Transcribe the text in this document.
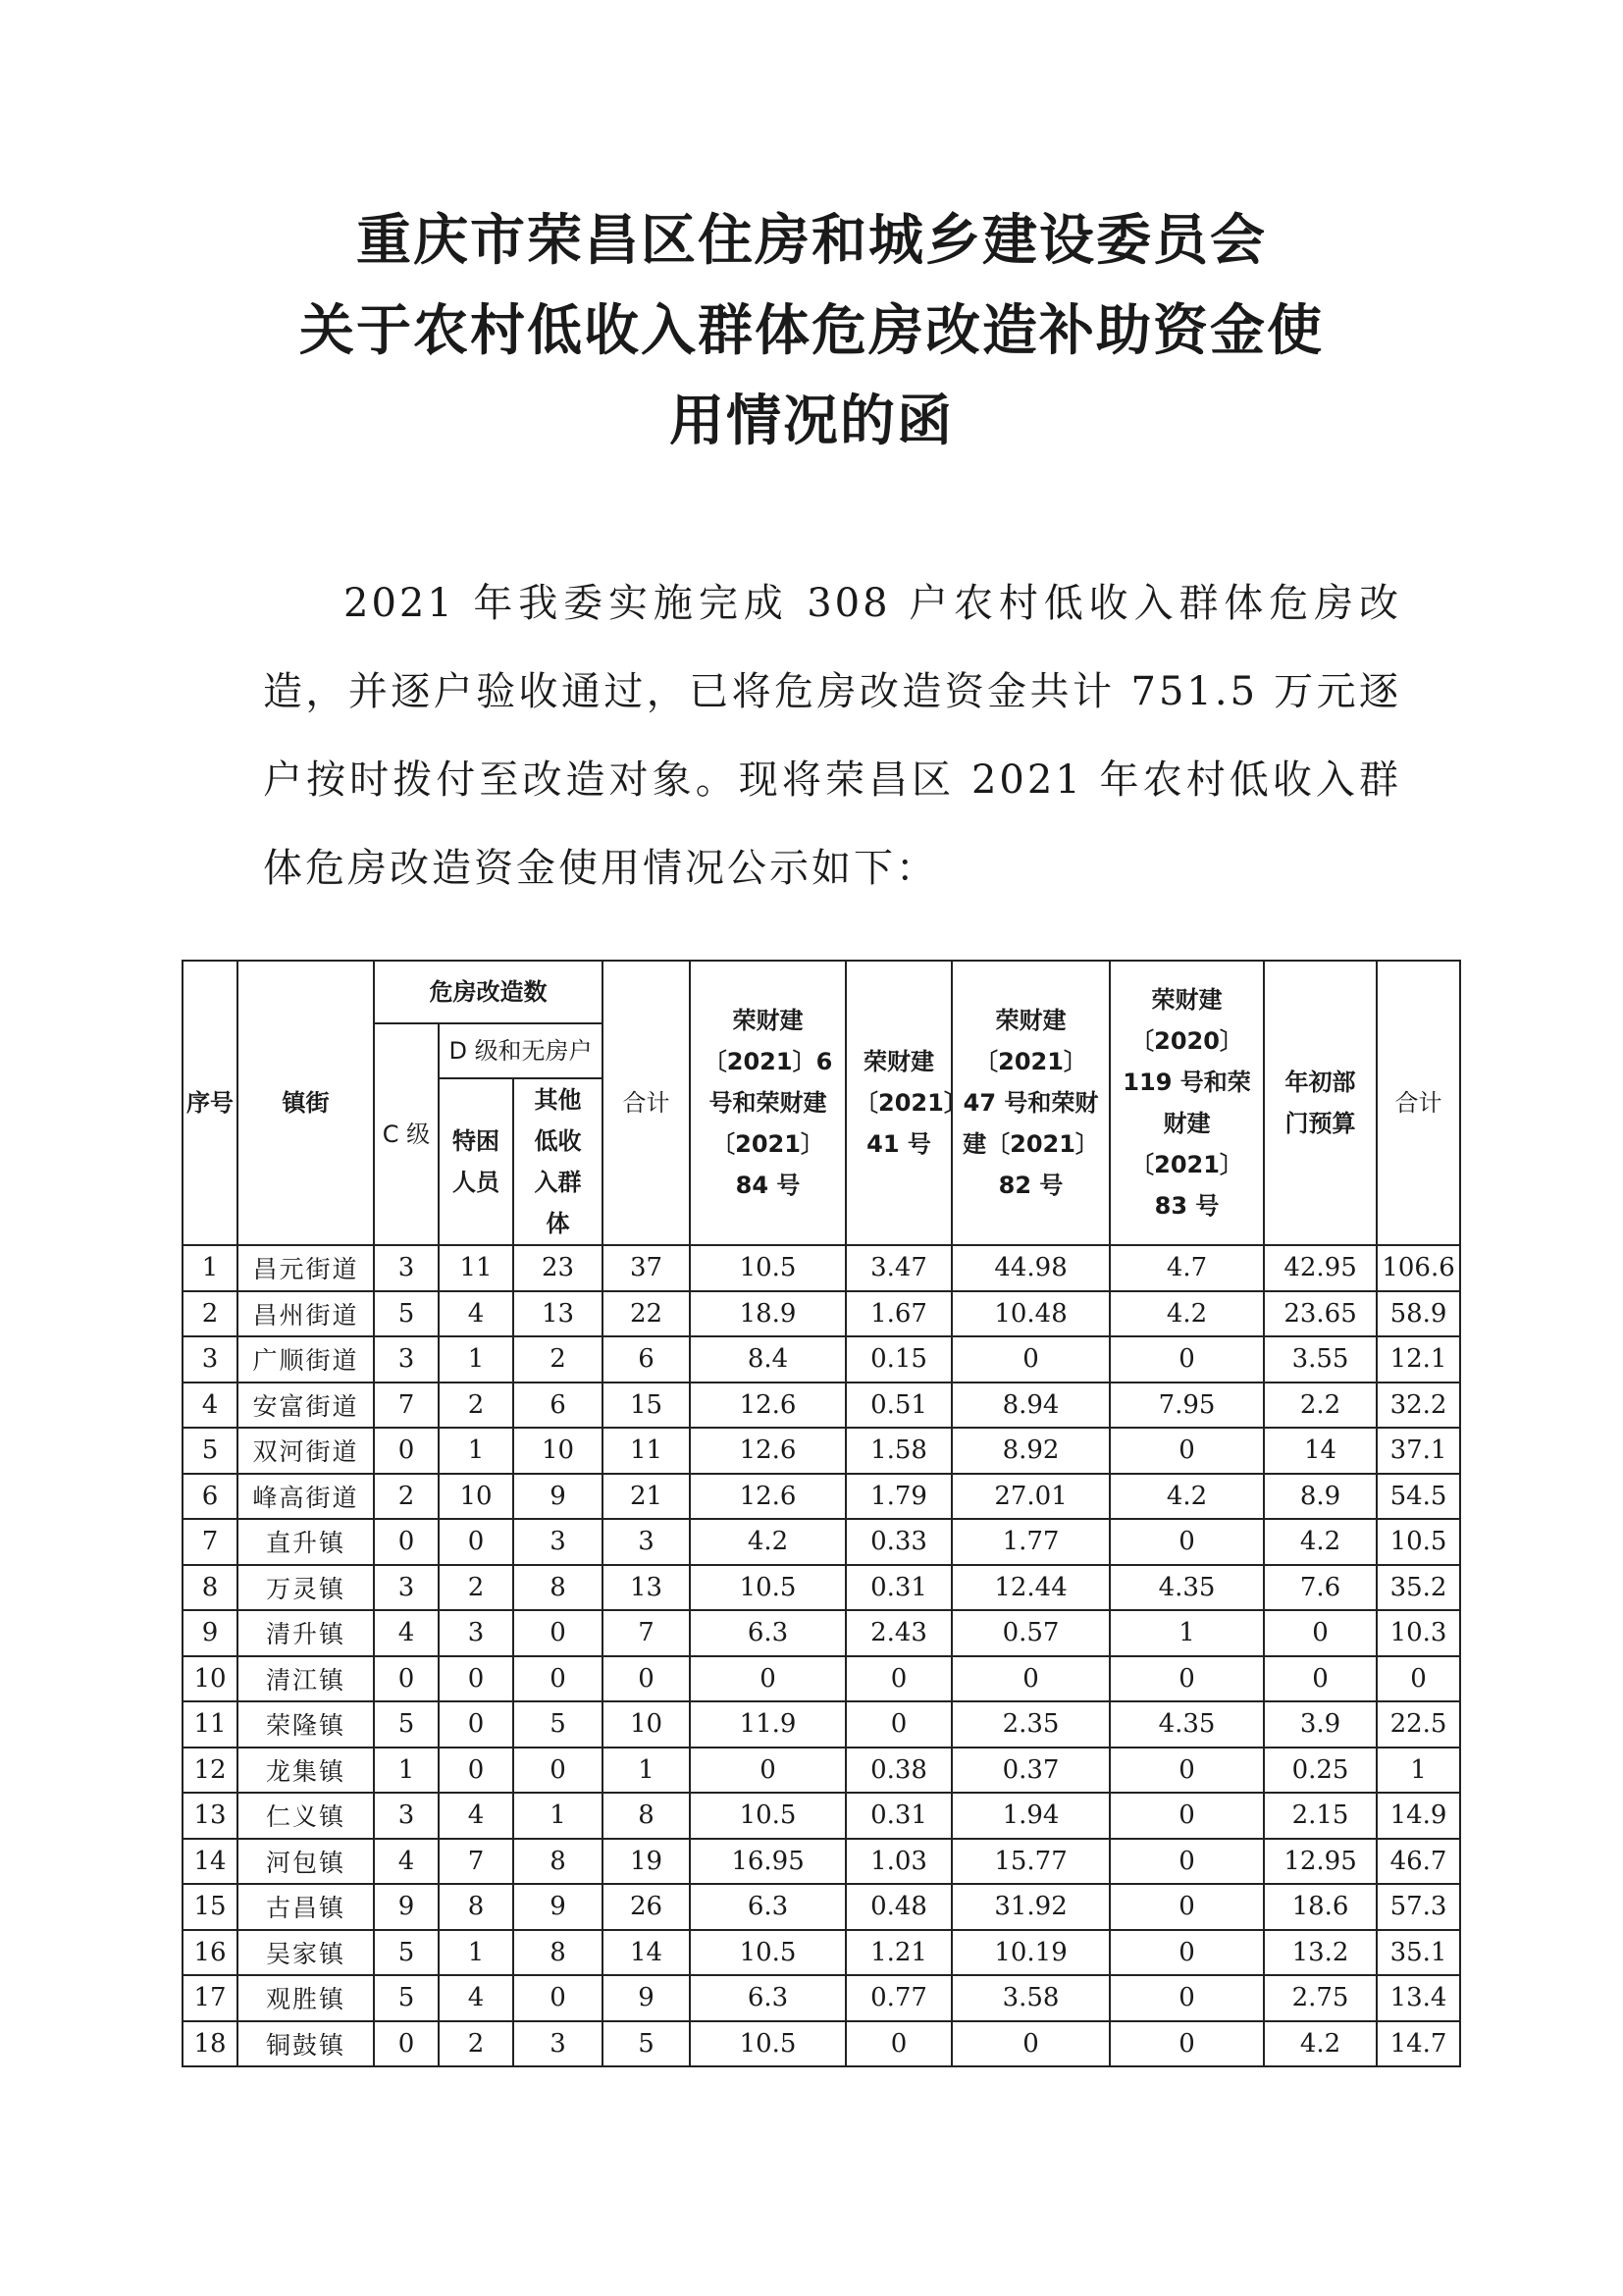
重庆市荣昌区住房和城乡建设委员会
关于农村低收入群体危房改造补助资金使
用情况的函

2021 年我委实施完成 308 户农村低收入群体危房改造，并逐户验收通过，已将危房改造资金共计 751.5 万元逐户按时拨付至改造对象。现将荣昌区 2021 年农村低收入群体危房改造资金使用情况公示如下：

序号	镇街	危房改造数			合计	荣财建〔2021〕6 号和荣财建〔2021〕84 号	荣财建〔2021〕41 号	荣财建〔2021〕47 号和荣财建〔2021〕82 号	荣财建〔2020〕119 号和荣财建〔2021〕83 号	年初部门预算	合计
		C 级	D 级和无房户								
			特困人员	其他低收入群体							

1	昌元街道	3	11	23	37	10.5	3.47	44.98	4.7	42.95	106.6
2	昌州街道	5	4	13	22	18.9	1.67	10.48	4.2	23.65	58.9
3	广顺街道	3	1	2	6	8.4	0.15	0	0	3.55	12.1
4	安富街道	7	2	6	15	12.6	0.51	8.94	7.95	2.2	32.2
5	双河街道	0	1	10	11	12.6	1.58	8.92	0	14	37.1
6	峰高街道	2	10	9	21	12.6	1.79	27.01	4.2	8.9	54.5
7	直升镇	0	0	3	3	4.2	0.33	1.77	0	4.2	10.5
8	万灵镇	3	2	8	13	10.5	0.31	12.44	4.35	7.6	35.2
9	清升镇	4	3	0	7	6.3	2.43	0.57	1	0	10.3
10	清江镇	0	0	0	0	0	0	0	0	0	0
11	荣隆镇	5	0	5	10	11.9	0	2.35	4.35	3.9	22.5
12	龙集镇	1	0	0	1	0	0.38	0.37	0	0.25	1
13	仁义镇	3	4	1	8	10.5	0.31	1.94	0	2.15	14.9
14	河包镇	4	7	8	19	16.95	1.03	15.77	0	12.95	46.7
15	古昌镇	9	8	9	26	6.3	0.48	31.92	0	18.6	57.3
16	吴家镇	5	1	8	14	10.5	1.21	10.19	0	13.2	35.1
17	观胜镇	5	4	0	9	6.3	0.77	3.58	0	2.75	13.4
18	铜鼓镇	0	2	3	5	10.5	0	0	0	4.2	14.7
